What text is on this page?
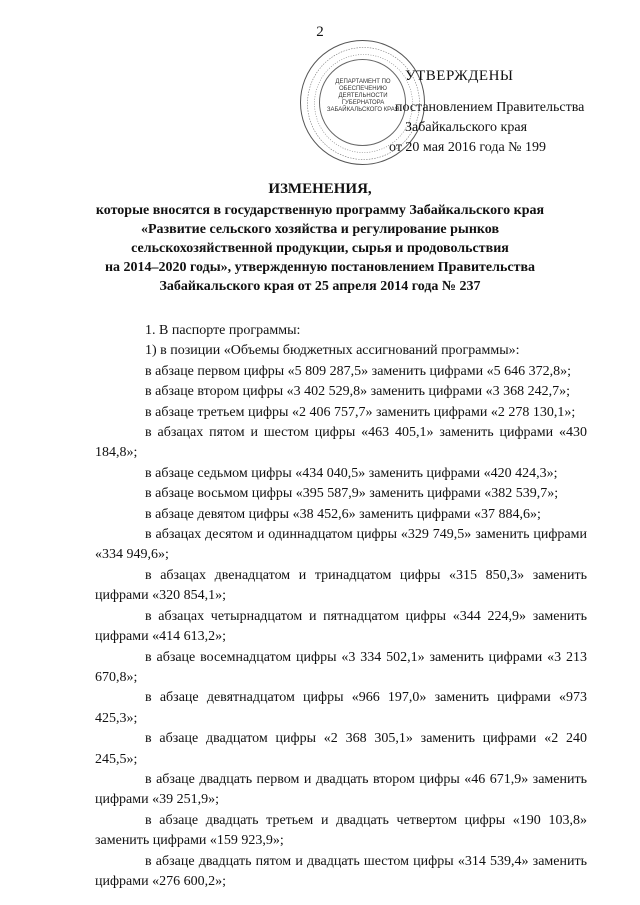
2
ДЕПАРТАМЕНТ ПО ОБЕСПЕЧЕНИЮ ДЕЯТЕЛЬНОСТИ ГУБЕРНАТОРА ЗАБАЙКАЛЬСКОГО КРАЯ
УТВЕРЖДЕНЫ
постановлением Правительства
Забайкальского края
от 20 мая 2016 года № 199
ИЗМЕНЕНИЯ,
которые вносятся в государственную программу Забайкальского края
«Развитие сельского хозяйства и регулирование рынков
сельскохозяйственной продукции, сырья и продовольствия
на 2014–2020 годы», утвержденную постановлением Правительства
Забайкальского края от 25 апреля 2014 года № 237

1. В паспорте программы:

1) в позиции «Объемы бюджетных ассигнований программы»:

в абзаце первом цифры «5 809 287,5» заменить цифрами «5 646 372,8»;

в абзаце втором цифры «3 402 529,8» заменить цифрами «3 368 242,7»;

в абзаце третьем цифры «2 406 757,7» заменить цифрами «2 278 130,1»;

в абзацах пятом и шестом цифры «463 405,1» заменить цифрами «430 184,8»;

в абзаце седьмом цифры «434 040,5» заменить цифрами «420 424,3»;

в абзаце восьмом цифры «395 587,9» заменить цифрами «382 539,7»;

в абзаце девятом цифры «38 452,6» заменить цифрами «37 884,6»;

в абзацах десятом и одиннадцатом цифры «329 749,5» заменить цифрами «334 949,6»;

в абзацах двенадцатом и тринадцатом цифры «315 850,3» заменить цифрами «320 854,1»;

в абзацах четырнадцатом и пятнадцатом цифры «344 224,9» заменить цифрами «414 613,2»;

в абзаце восемнадцатом цифры «3 334 502,1» заменить цифрами «3 213 670,8»;

в абзаце девятнадцатом цифры «966 197,0» заменить цифрами «973 425,3»;

в абзаце двадцатом цифры «2 368 305,1» заменить цифрами «2 240 245,5»;

в абзаце двадцать первом и двадцать втором цифры «46 671,9» заменить цифрами «39 251,9»;

в абзаце двадцать третьем и двадцать четвертом цифры «190 103,8» заменить цифрами «159 923,9»;

в абзаце двадцать пятом и двадцать шестом цифры «314 539,4» заменить цифрами «276 600,2»;
